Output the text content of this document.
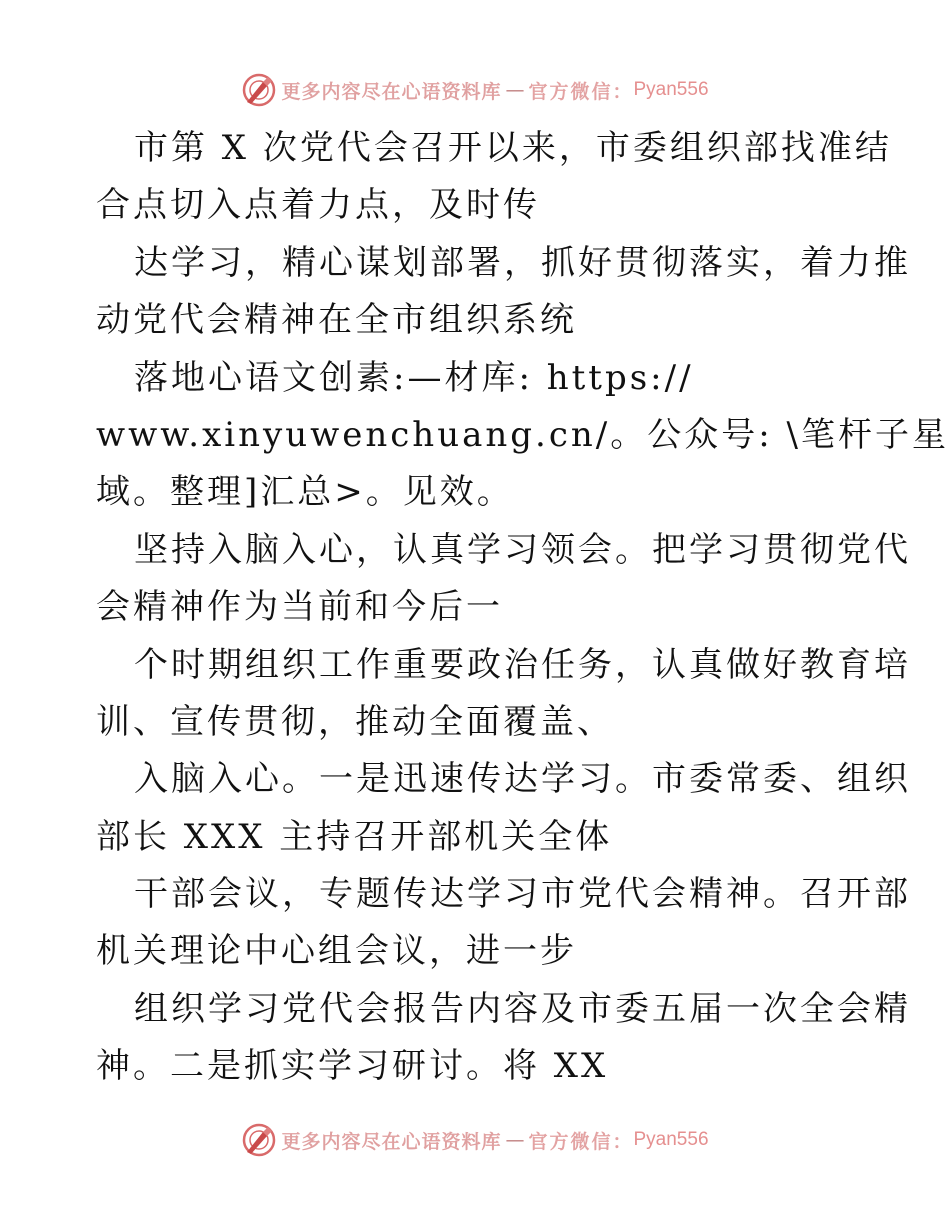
更多内容尽在心语资料库 — 官方微信： Pyan556
市第 X 次党代会召开以来，市委组织部找准结
合点切入点着力点，及时传
达学习，精心谋划部署，抓好贯彻落实，着力推
动党代会精神在全市组织系统
落地心语文创素:—材库: https://
www.xinyuwenchuang.cn/。公众号: \笔杆子星
域。整理]汇总>。见效。
坚持入脑入心，认真学习领会。把学习贯彻党代
会精神作为当前和今后一
个时期组织工作重要政治任务，认真做好教育培
训、宣传贯彻，推动全面覆盖、
入脑入心。一是迅速传达学习。市委常委、组织
部长 XXX 主持召开部机关全体
干部会议，专题传达学习市党代会精神。召开部
机关理论中心组会议，进一步
组织学习党代会报告内容及市委五届一次全会精
神。二是抓实学习研讨。将 XX
更多内容尽在心语资料库 — 官方微信： Pyan556
